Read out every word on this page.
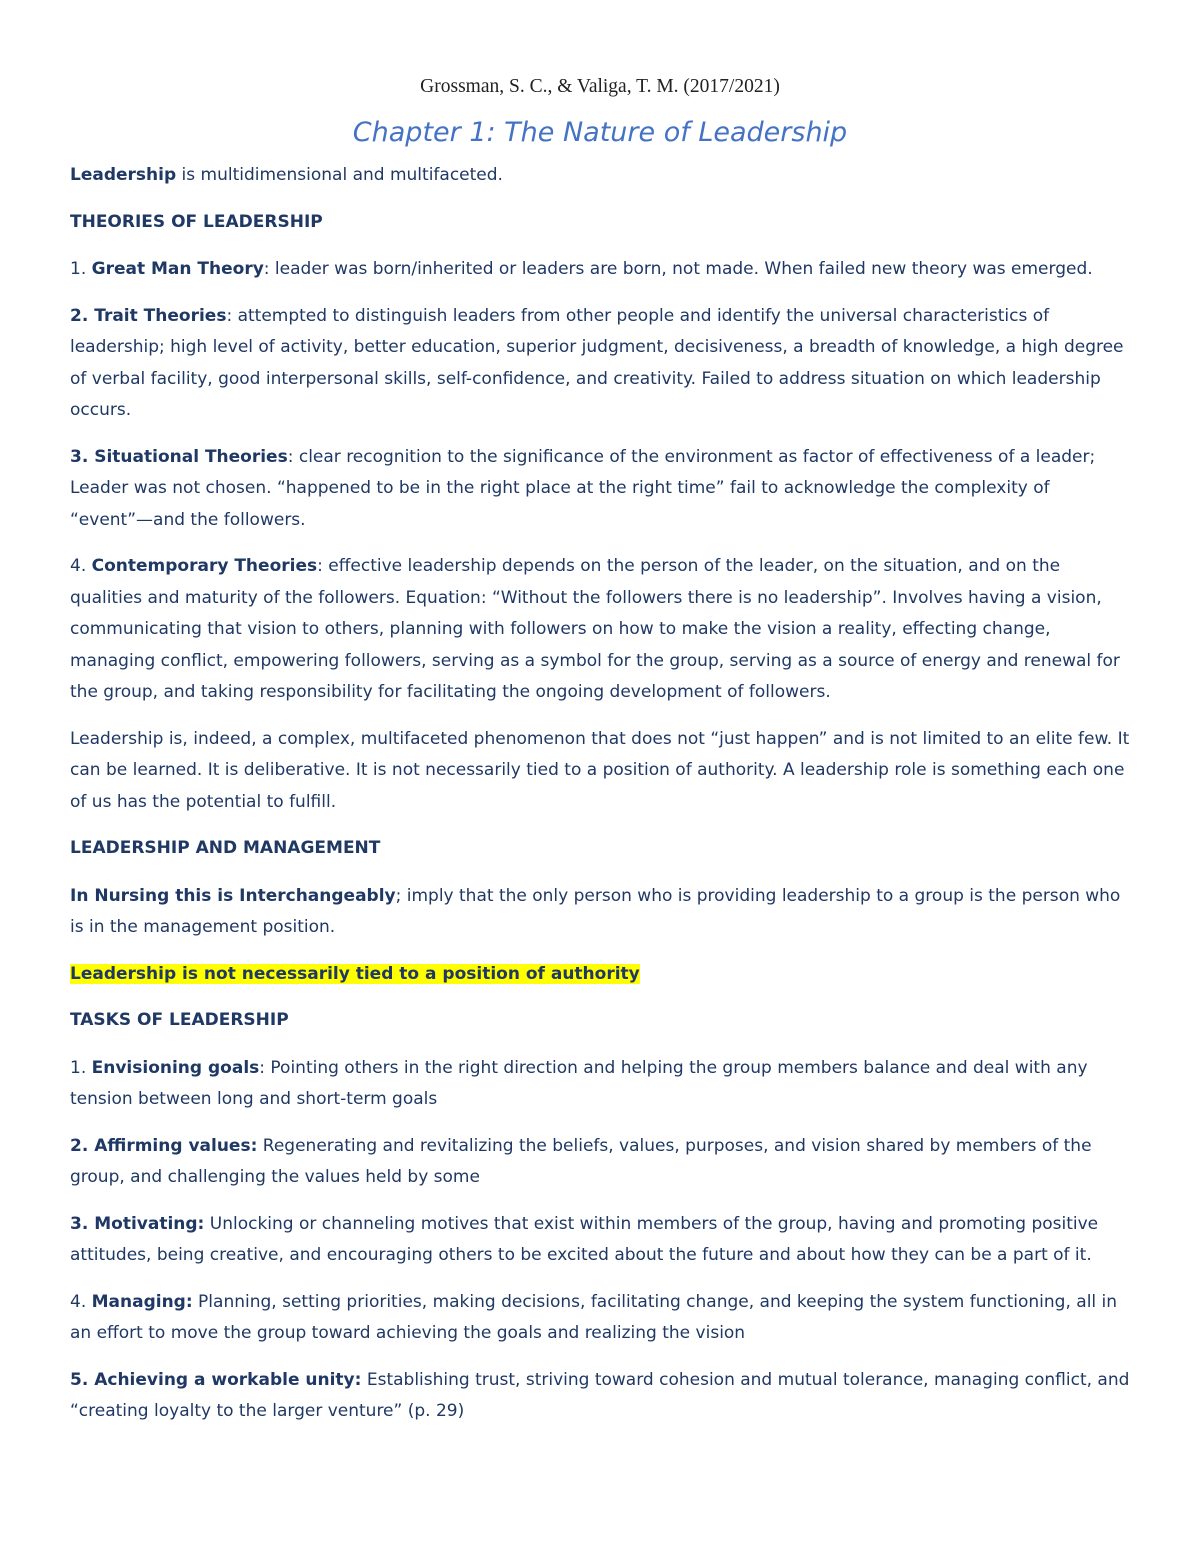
Grossman, S. C., & Valiga, T. M. (2017/2021)
Chapter 1: The Nature of Leadership

Leadership is multidimensional and multifaceted.

THEORIES OF LEADERSHIP

1. Great Man Theory: leader was born/inherited or leaders are born, not made. When failed new theory was emerged.

2. Trait Theories: attempted to distinguish leaders from other people and identify the universal characteristics of leadership; high level of activity, better education, superior judgment, decisiveness, a breadth of knowledge, a high degree of verbal facility, good interpersonal skills, self-confidence, and creativity. Failed to address situation on which leadership occurs.

3. Situational Theories: clear recognition to the significance of the environment as factor of effectiveness of a leader; Leader was not chosen. “happened to be in the right place at the right time” fail to acknowledge the complexity of “event”—and the followers.

4. Contemporary Theories: effective leadership depends on the person of the leader, on the situation, and on the qualities and maturity of the followers. Equation: “Without the followers there is no leadership”. Involves having a vision, communicating that vision to others, planning with followers on how to make the vision a reality, effecting change, managing conflict, empowering followers, serving as a symbol for the group, serving as a source of energy and renewal for the group, and taking responsibility for facilitating the ongoing development of followers.

Leadership is, indeed, a complex, multifaceted phenomenon that does not “just happen” and is not limited to an elite few. It can be learned. It is deliberative. It is not necessarily tied to a position of authority. A leadership role is something each one of us has the potential to fulfill.

LEADERSHIP AND MANAGEMENT

In Nursing this is Interchangeably; imply that the only person who is providing leadership to a group is the person who is in the management position.

Leadership is not necessarily tied to a position of authority

TASKS OF LEADERSHIP

1. Envisioning goals: Pointing others in the right direction and helping the group members balance and deal with any tension between long and short-term goals

2. Affirming values: Regenerating and revitalizing the beliefs, values, purposes, and vision shared by members of the group, and challenging the values held by some

3. Motivating: Unlocking or channeling motives that exist within members of the group, having and promoting positive attitudes, being creative, and encouraging others to be excited about the future and about how they can be a part of it.

4. Managing: Planning, setting priorities, making decisions, facilitating change, and keeping the system functioning, all in an effort to move the group toward achieving the goals and realizing the vision

5. Achieving a workable unity: Establishing trust, striving toward cohesion and mutual tolerance, managing conflict, and “creating loyalty to the larger venture” (p. 29)
